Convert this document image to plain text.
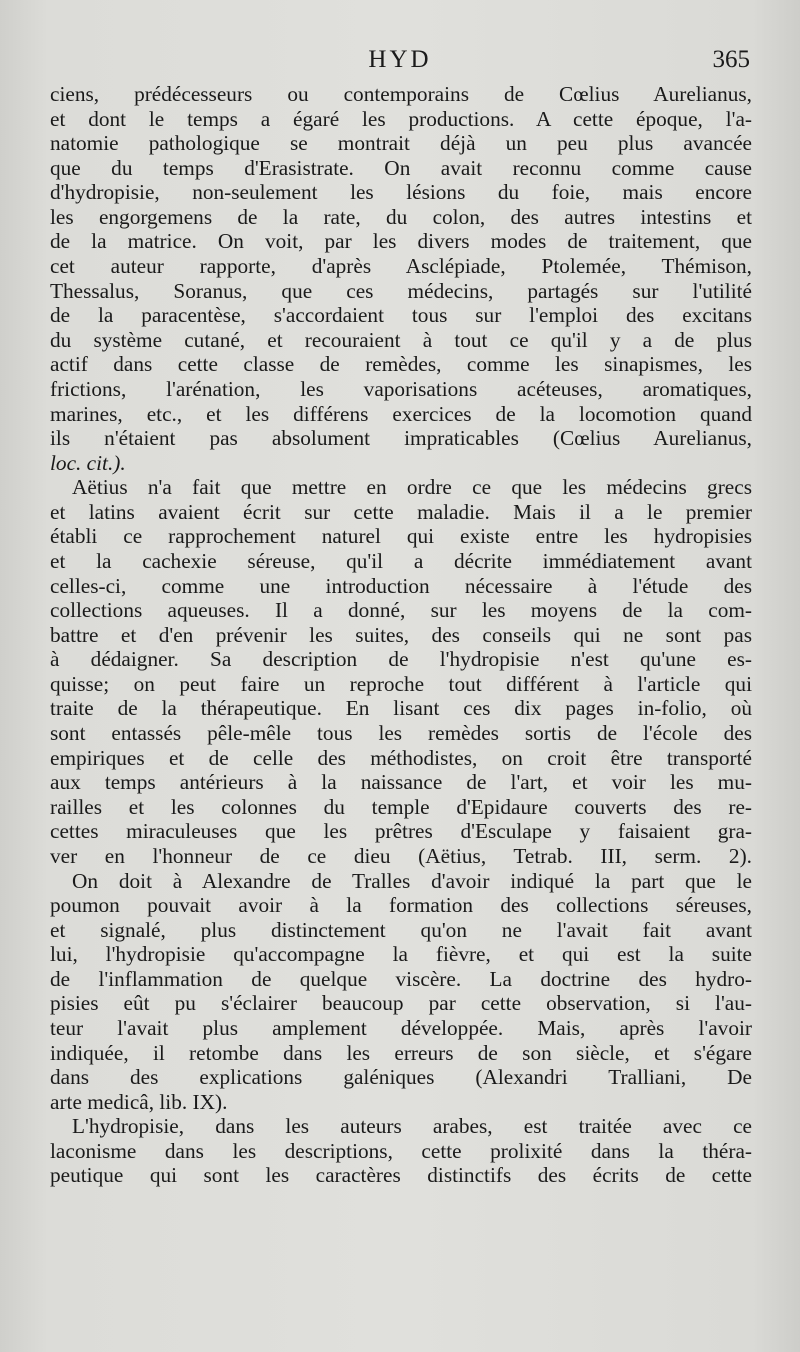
HYD	365
ciens, prédécesseurs ou contemporains de Cœlius Aurelianus,
et dont le temps a égaré les productions. A cette époque, l'a-
natomie pathologique se montrait déjà un peu plus avancée
que du temps d'Erasistrate. On avait reconnu comme cause
d'hydropisie, non-seulement les lésions du foie, mais encore
les engorgemens de la rate, du colon, des autres intestins et
de la matrice. On voit, par les divers modes de traitement, que
cet auteur rapporte, d'après Asclépiade, Ptolemée, Thémison,
Thessalus, Soranus, que ces médecins, partagés sur l'utilité
de la paracentèse, s'accordaient tous sur l'emploi des excitans
du système cutané, et recouraient à tout ce qu'il y a de plus
actif dans cette classe de remèdes, comme les sinapismes, les
frictions, l'arénation, les vaporisations acéteuses, aromatiques,
marines, etc., et les différens exercices de la locomotion quand
ils n'étaient pas absolument impraticables (Cœlius Aurelianus,
loc. cit.).
Aëtius n'a fait que mettre en ordre ce que les médecins grecs
et latins avaient écrit sur cette maladie. Mais il a le premier
établi ce rapprochement naturel qui existe entre les hydropisies
et la cachexie séreuse, qu'il a décrite immédiatement avant
celles-ci, comme une introduction nécessaire à l'étude des
collections aqueuses. Il a donné, sur les moyens de la com-
battre et d'en prévenir les suites, des conseils qui ne sont pas
à dédaigner. Sa description de l'hydropisie n'est qu'une es-
quisse; on peut faire un reproche tout différent à l'article qui
traite de la thérapeutique. En lisant ces dix pages in-folio, où
sont entassés pêle-mêle tous les remèdes sortis de l'école des
empiriques et de celle des méthodistes, on croit être transporté
aux temps antérieurs à la naissance de l'art, et voir les mu-
railles et les colonnes du temple d'Epidaure couverts des re-
cettes miraculeuses que les prêtres d'Esculape y faisaient gra-
ver en l'honneur de ce dieu (Aëtius, Tetrab. III, serm. 2).
On doit à Alexandre de Tralles d'avoir indiqué la part que le
poumon pouvait avoir à la formation des collections séreuses,
et signalé, plus distinctement qu'on ne l'avait fait avant
lui, l'hydropisie qu'accompagne la fièvre, et qui est la suite
de l'inflammation de quelque viscère. La doctrine des hydro-
pisies eût pu s'éclairer beaucoup par cette observation, si l'au-
teur l'avait plus amplement développée. Mais, après l'avoir
indiquée, il retombe dans les erreurs de son siècle, et s'égare
dans des explications galéniques (Alexandri Tralliani, De
arte medicâ, lib. IX).
L'hydropisie, dans les auteurs arabes, est traitée avec ce
laconisme dans les descriptions, cette prolixité dans la théra-
peutique qui sont les caractères distinctifs des écrits de cette
